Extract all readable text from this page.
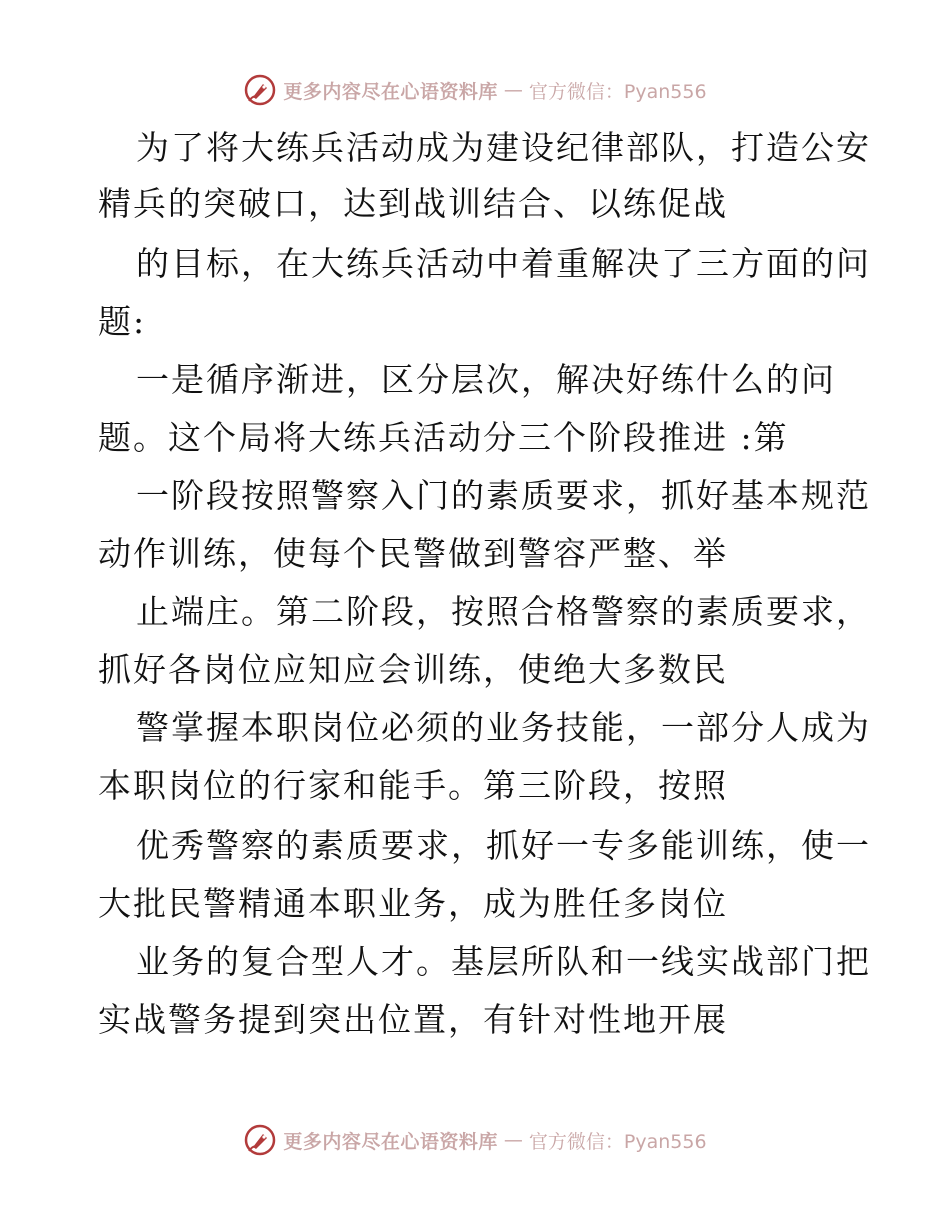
更多内容尽在心语资料库 — 官方微信：Pyan556
为了将大练兵活动成为建设纪律部队，打造公安
精兵的突破口，达到战训结合、以练促战
的目标，在大练兵活动中着重解决了三方面的问
题:
一是循序渐进，区分层次，解决好练什么的问
题。这个局将大练兵活动分三个阶段推进 :第
一阶段按照警察入门的素质要求，抓好基本规范
动作训练，使每个民警做到警容严整、举
止端庄。第二阶段，按照合格警察的素质要求，
抓好各岗位应知应会训练，使绝大多数民
警掌握本职岗位必须的业务技能，一部分人成为
本职岗位的行家和能手。第三阶段，按照
优秀警察的素质要求，抓好一专多能训练，使一
大批民警精通本职业务，成为胜任多岗位
业务的复合型人才。基层所队和一线实战部门把
实战警务提到突出位置，有针对性地开展
更多内容尽在心语资料库 — 官方微信：Pyan556
